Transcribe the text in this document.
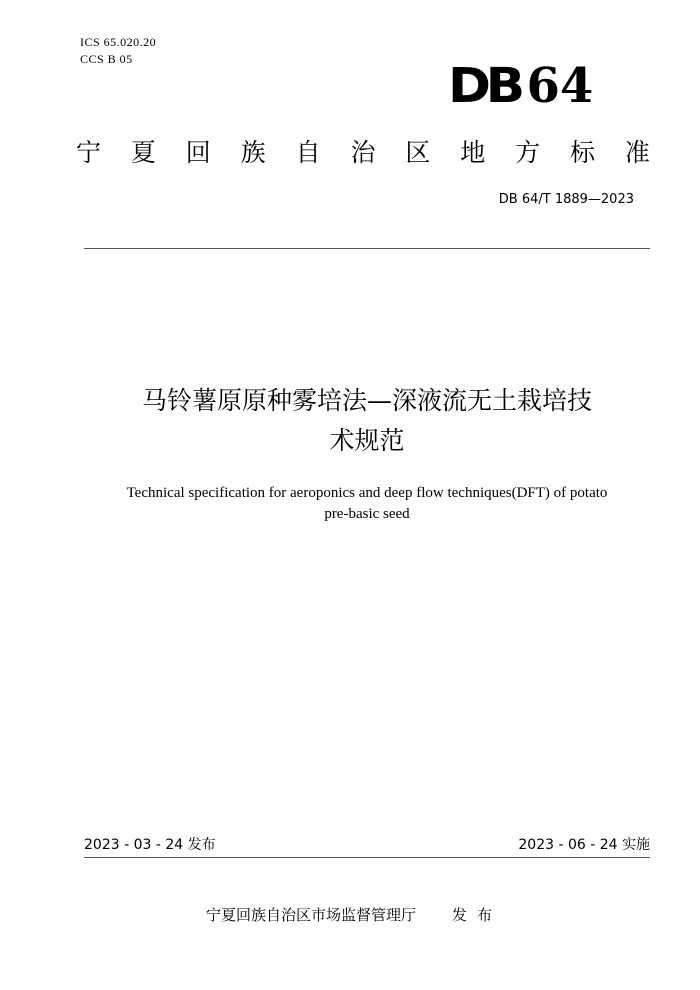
ICS 65.020.20
CCS B 05	DB 64
宁 夏 回 族 自 治 区 地 方 标 准
DB 64/T 1889—2023
马铃薯原原种雾培法—深液流无土栽培技
术规范
Technical specification for aeroponics and deep flow techniques(DFT) of potato
pre-basic seed
2023 - 03 - 24 发布	2023 - 06 - 24 实施
宁夏回族自治区市场监督管理厅 发布
